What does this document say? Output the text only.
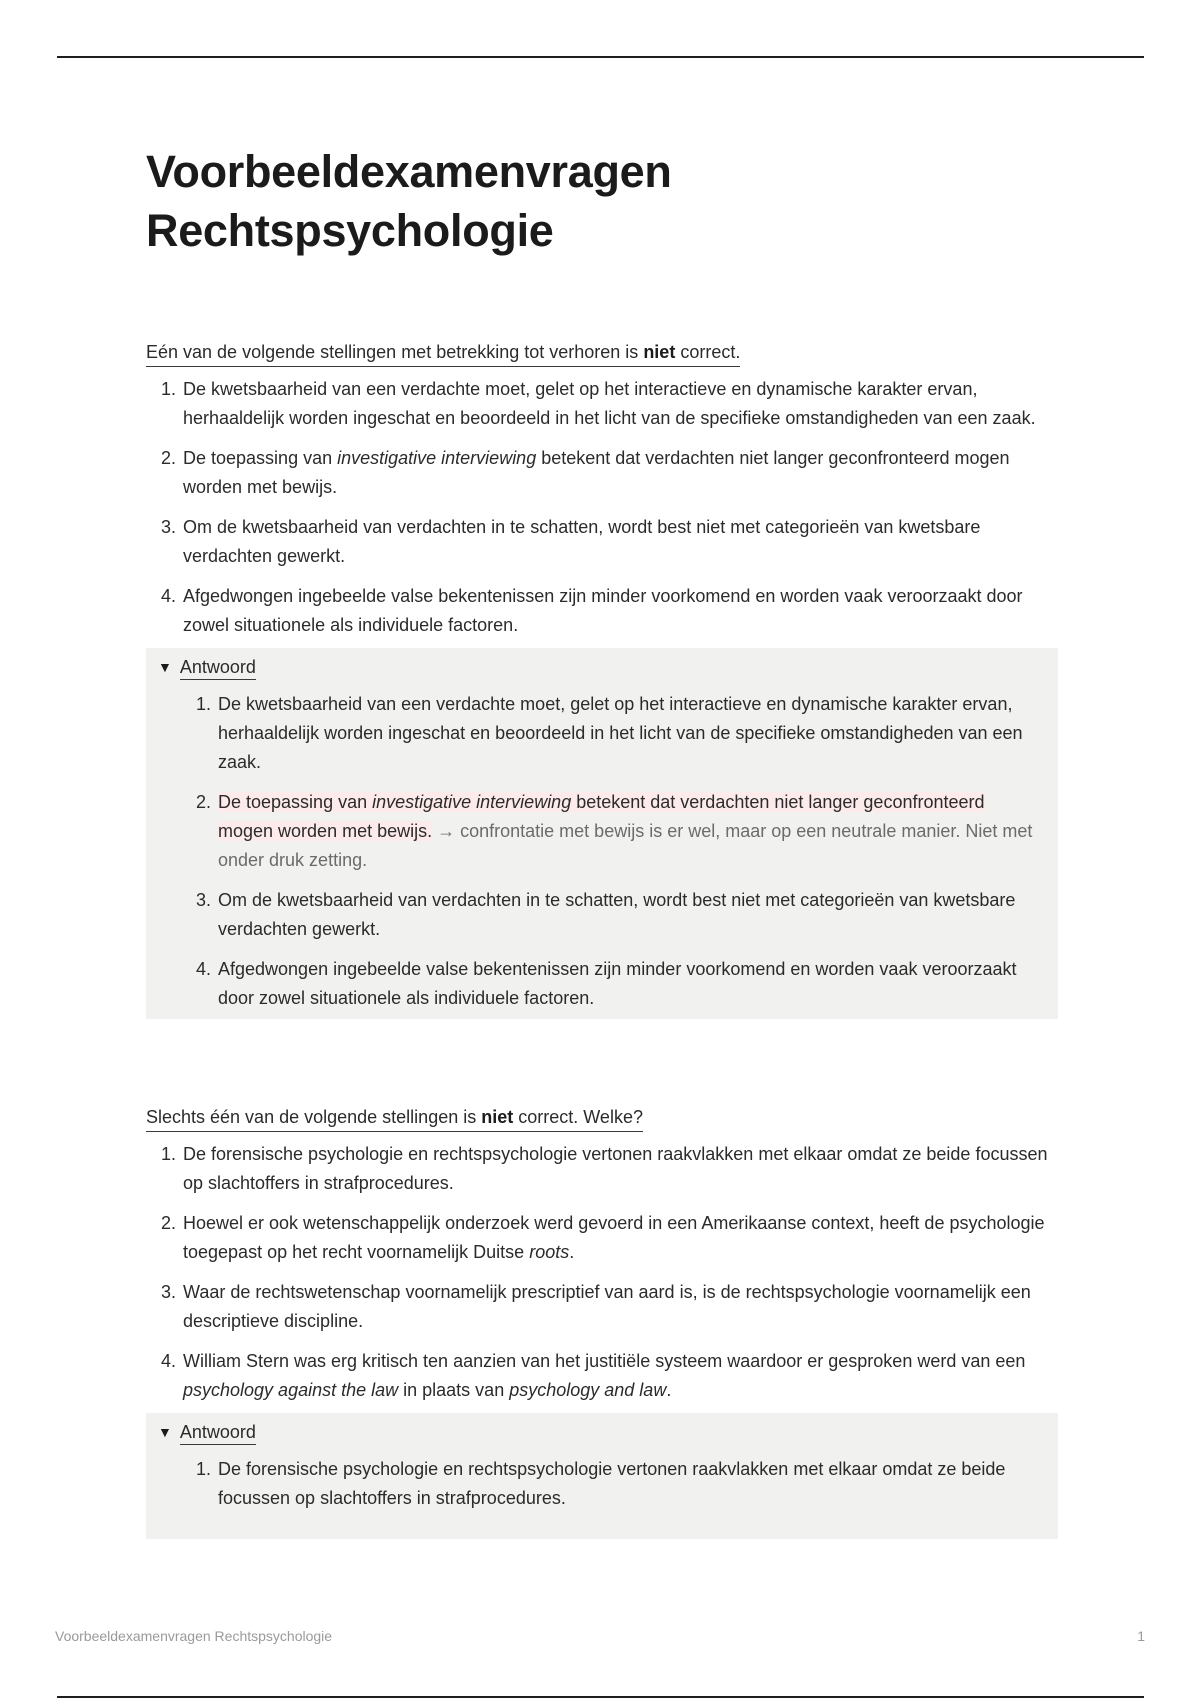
Voorbeeldexamenvragen
Rechtspsychologie
Eén van de volgende stellingen met betrekking tot verhoren is niet correct.
1. De kwetsbaarheid van een verdachte moet, gelet op het interactieve en dynamische karakter ervan, herhaaldelijk worden ingeschat en beoordeeld in het licht van de specifieke omstandigheden van een zaak.
2. De toepassing van investigative interviewing betekent dat verdachten niet langer geconfronteerd mogen worden met bewijs.
3. Om de kwetsbaarheid van verdachten in te schatten, wordt best niet met categorieën van kwetsbare verdachten gewerkt.
4. Afgedwongen ingebeelde valse bekentenissen zijn minder voorkomend en worden vaak veroorzaakt door zowel situationele als individuele factoren.
▼ Antwoord
1. De kwetsbaarheid van een verdachte moet, gelet op het interactieve en dynamische karakter ervan, herhaaldelijk worden ingeschat en beoordeeld in het licht van de specifieke omstandigheden van een zaak.
2. De toepassing van investigative interviewing betekent dat verdachten niet langer geconfronteerd mogen worden met bewijs. → confrontatie met bewijs is er wel, maar op een neutrale manier. Niet met onder druk zetting.
3. Om de kwetsbaarheid van verdachten in te schatten, wordt best niet met categorieën van kwetsbare verdachten gewerkt.
4. Afgedwongen ingebeelde valse bekentenissen zijn minder voorkomend en worden vaak veroorzaakt door zowel situationele als individuele factoren.
Slechts één van de volgende stellingen is niet correct. Welke?
1. De forensische psychologie en rechtspsychologie vertonen raakvlakken met elkaar omdat ze beide focussen op slachtoffers in strafprocedures.
2. Hoewel er ook wetenschappelijk onderzoek werd gevoerd in een Amerikaanse context, heeft de psychologie toegepast op het recht voornamelijk Duitse roots.
3. Waar de rechtswetenschap voornamelijk prescriptief van aard is, is de rechtspsychologie voornamelijk een descriptieve discipline.
4. William Stern was erg kritisch ten aanzien van het justitiële systeem waardoor er gesproken werd van een psychology against the law in plaats van psychology and law.
▼ Antwoord
1. De forensische psychologie en rechtspsychologie vertonen raakvlakken met elkaar omdat ze beide focussen op slachtoffers in strafprocedures.
Voorbeeldexamenvragen Rechtspsychologie	1
